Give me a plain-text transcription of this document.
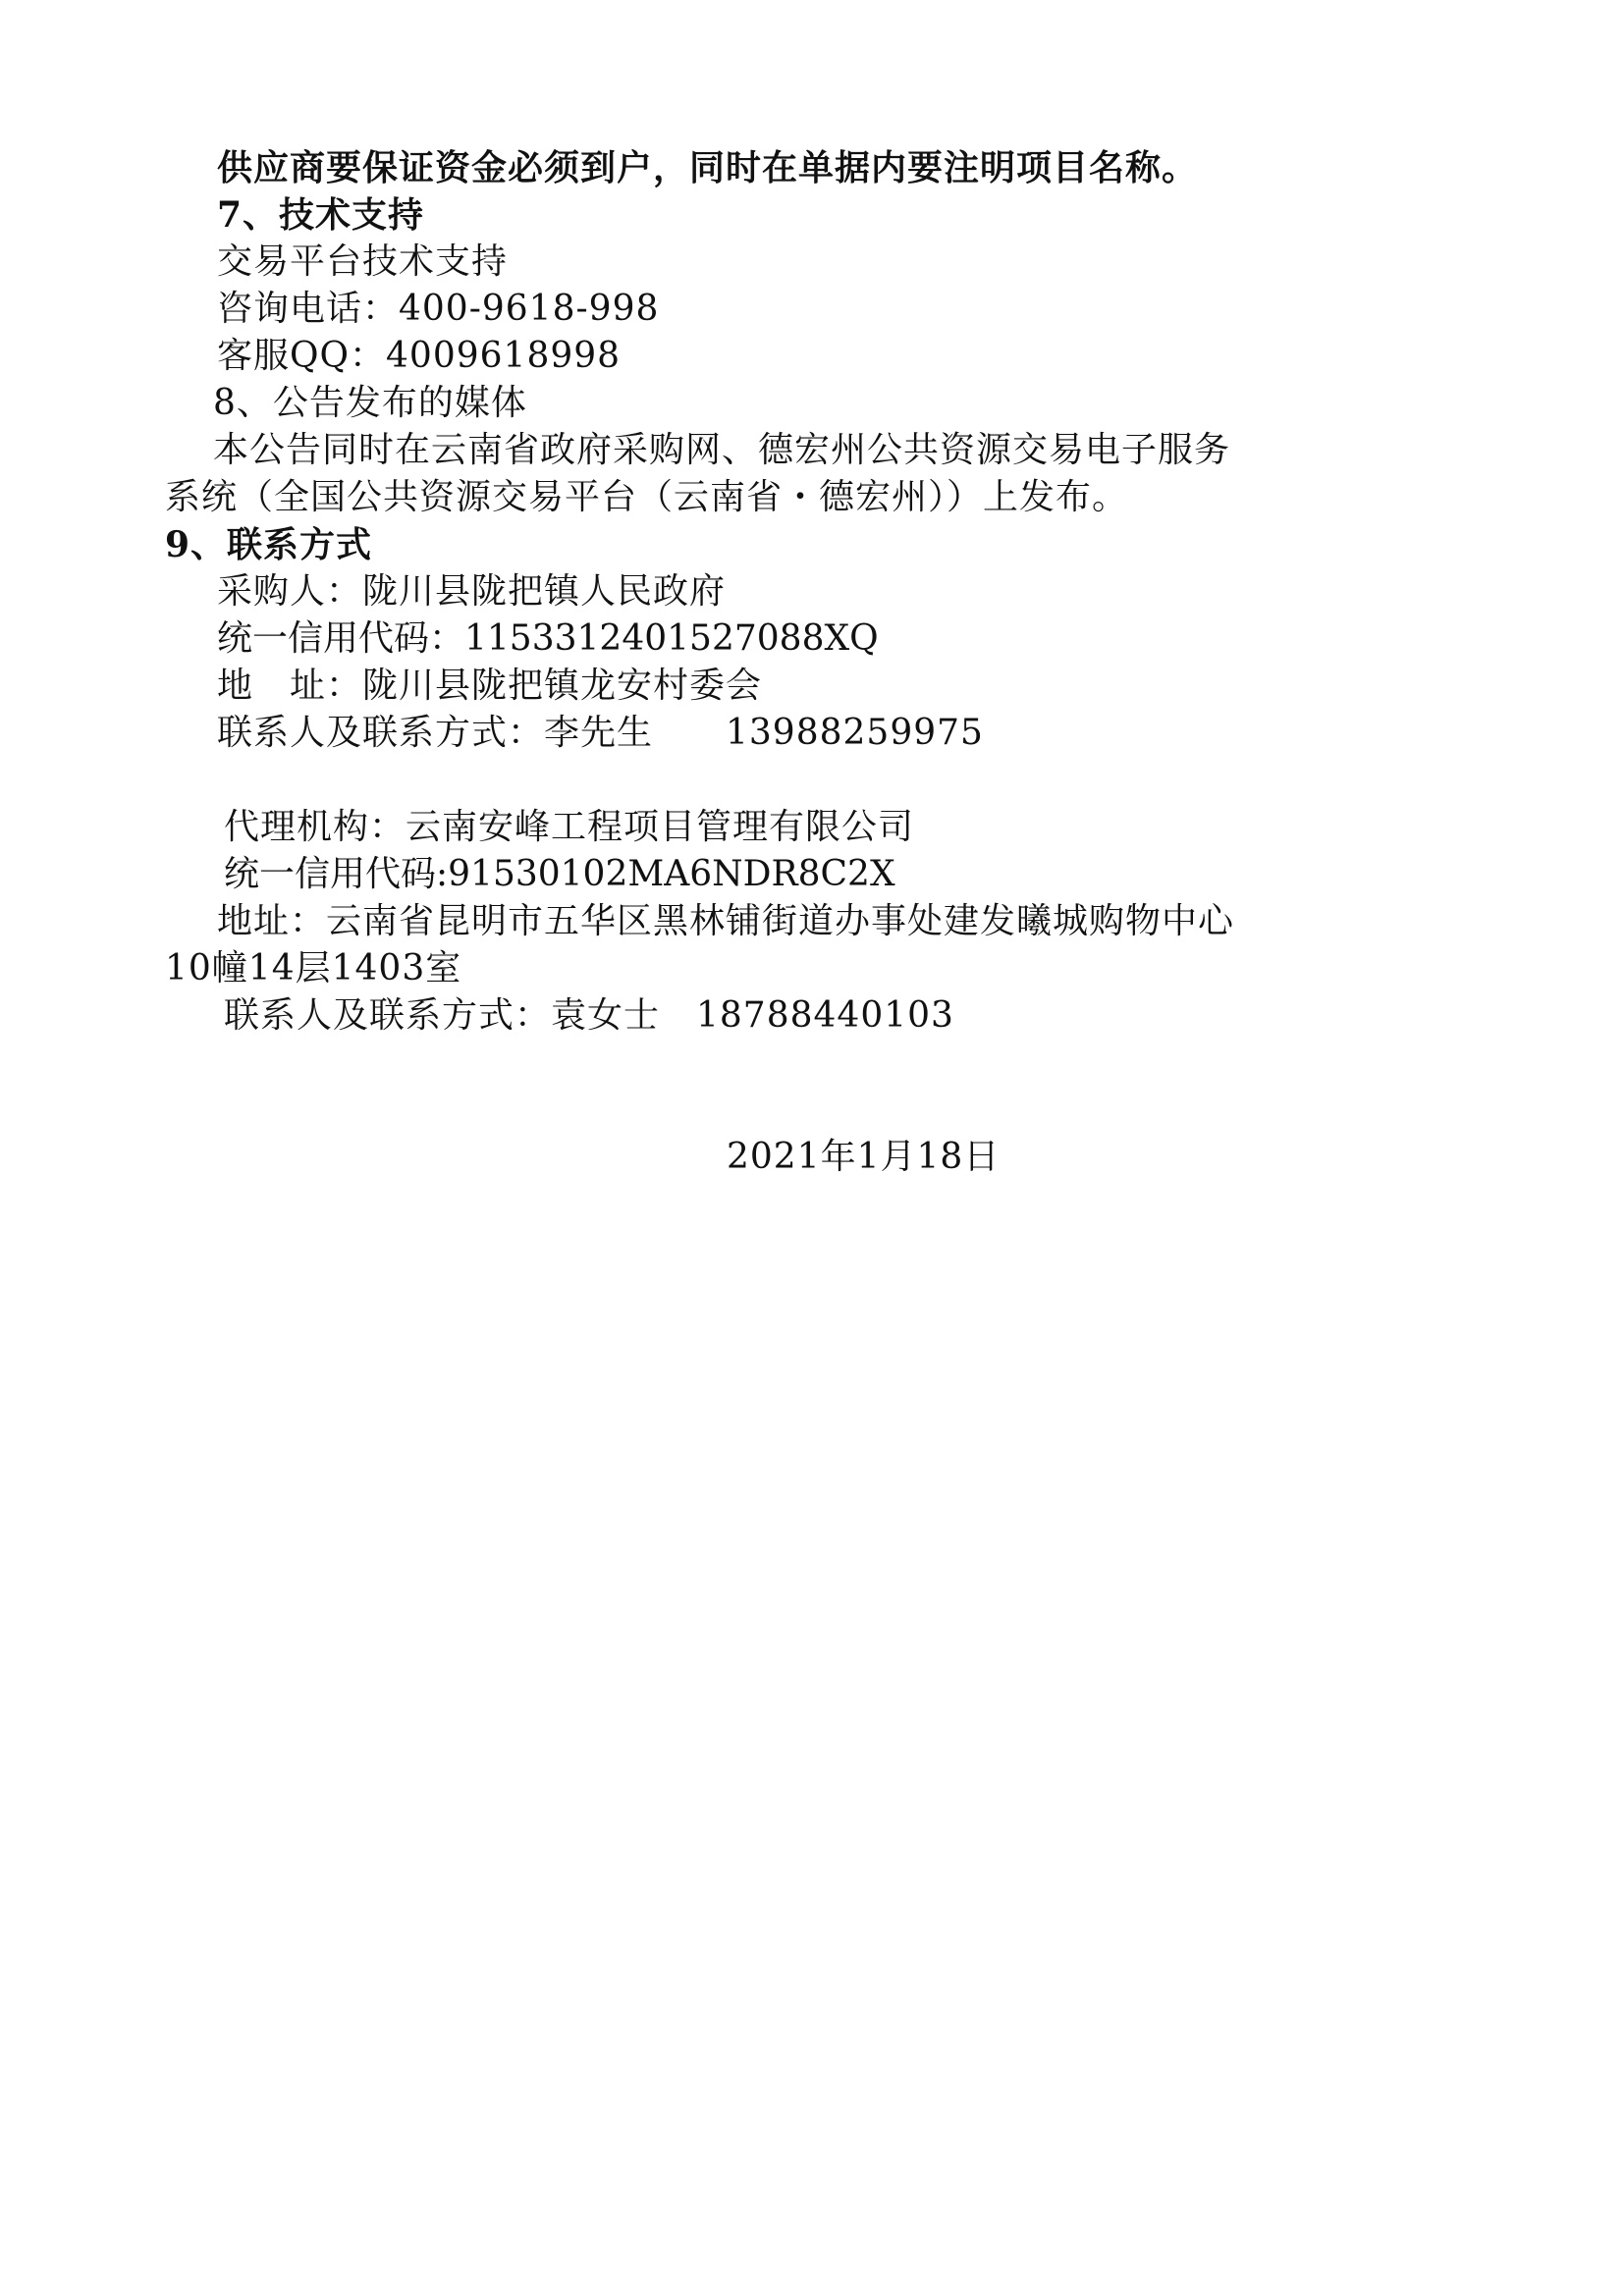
供应商要保证资金必须到户，同时在单据内要注明项目名称。
7、技术支持
交易平台技术支持
咨询电话：400-9618-998
客服QQ：4009618998
8、公告发布的媒体
本公告同时在云南省政府采购网、德宏州公共资源交易电子服务
系统（全国公共资源交易平台（云南省・德宏州））上发布。
9、联系方式
采购人：陇川县陇把镇人民政府
统一信用代码：11533124015270​88XQ
地　址：陇川县陇把镇龙安村委会
联系人及联系方式：李先生　　13988259975
代理机构：云南安峰工程项目管理有限公司
统一信用代码:91530102MA6NDR8C2X
地址：云南省昆明市五华区黑林铺街道办事处建发曦城购物中心
10幢14层1403室
联系人及联系方式：袁女士　18788440103
2021年1月18日
